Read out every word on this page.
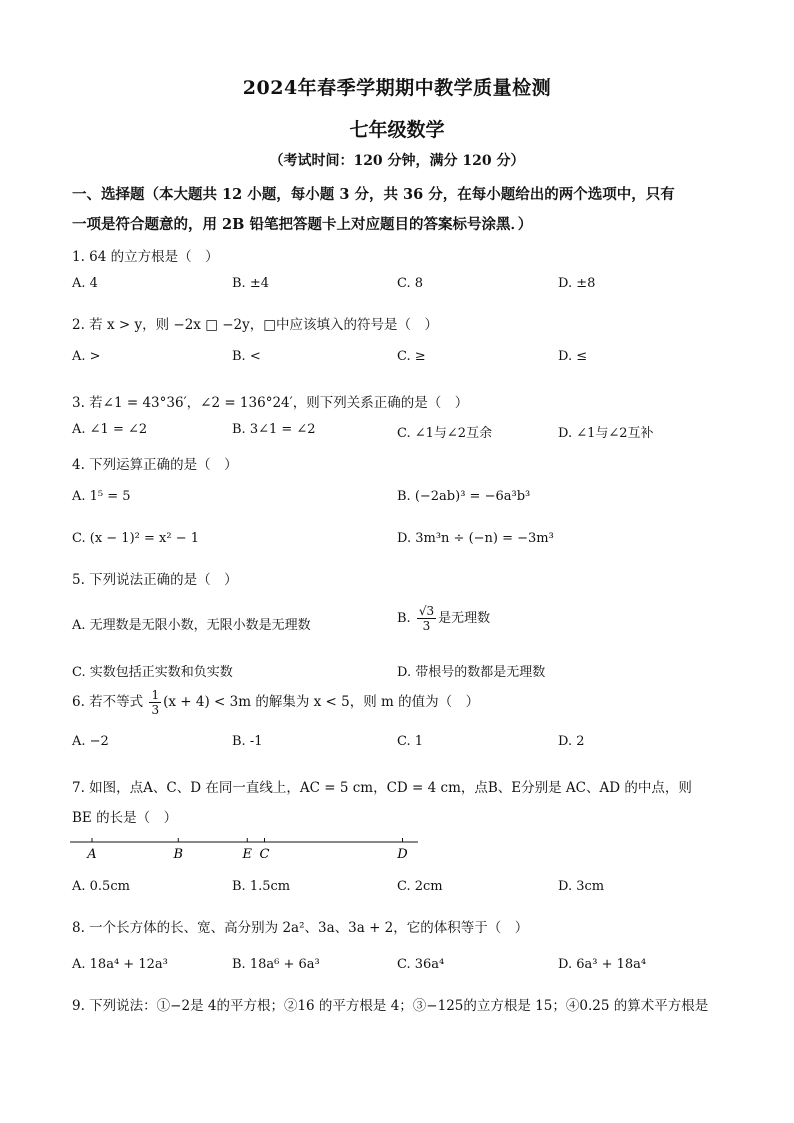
2024年春季学期期中教学质量检测
七年级数学
（考试时间：120 分钟，满分 120 分）
一、选择题（本大题共 12 小题，每小题 3 分，共 36 分，在每小题给出的两个选项中，只有
一项是符合题意的，用 2B 铅笔把答题卡上对应题目的答案标号涂黑．）
1. 64 的立方根是（　）
A. 4	B. ±4	C. 8	D. ±8
2. 若 x > y，则 −2x □ −2y，□中应该填入的符号是（　）
A. >	B. <	C. ≥	D. ≤
3. 若∠1 = 43°36′，∠2 = 136°24′，则下列关系正确的是（　）
A. ∠1 = ∠2	B. 3∠1 = ∠2	C. ∠1与∠2互余	D. ∠1与∠2互补
4. 下列运算正确的是（　）
A. 1⁵ = 5	B. (−2ab)³ = −6a³b³
C. (x − 1)² = x² − 1	D. 3m³n ÷ (−n) = −3m³
5. 下列说法正确的是（　）
A. 无理数是无限小数，无限小数是无理数	B. $\frac{√3}{3}$ 是无理数
C. 实数包括正实数和负实数	D. 带根号的数都是无理数
6. 若不等式 $\frac{1}{3} (x + 4) < 3m$ 的解集为 x < 5，则 m 的值为（　）
A. −2	B. -1	C. 1	D. 2
7. 如图，点A、C、D 在同一直线上，AC = 5 cm，CD = 4 cm，点B、E分别是 AC、AD 的中点，则
BE 的长是（　）
A	B	E C	D
A. 0.5cm	B. 1.5cm	C. 2cm	D. 3cm
8. 一个长方体的长、宽、高分别为 2a²、3a、3a + 2，它的体积等于（　）
A. 18a⁴ + 12a³	B. 18a⁶ + 6a³	C. 36a⁴	D. 6a³ + 18a⁴
9. 下列说法：①−2是 4的平方根；②16 的平方根是 4；③−125的立方根是 15；④0.25 的算术平方根是
